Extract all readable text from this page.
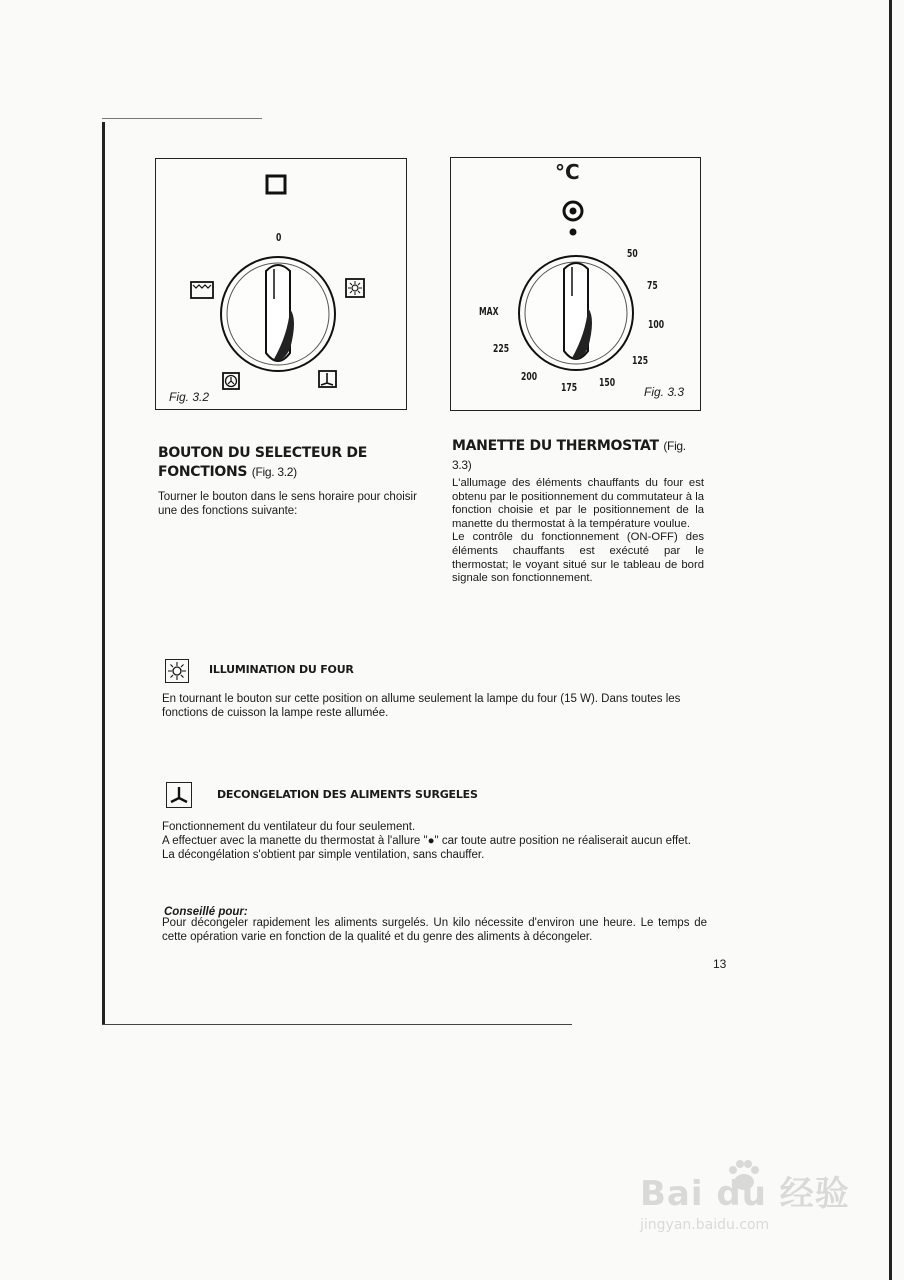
0
Fig. 3.2
°C
50
75
100
125
150
175
200
225
MAX
Fig. 3.3
BOUTON DU SELECTEUR DE
FONCTIONS (Fig. 3.2)

Tourner le bouton dans le sens horaire pour choisir une des fonctions suivante:

MANETTE DU THERMOSTAT (Fig. 3.3)

L'allumage des éléments chauffants du four est obtenu par le positionnement du commutateur à la fonction choisie et par le positionnement de la manette du thermostat à la température voulue.

Le contrôle du fonctionnement (ON-OFF) des éléments chauffants est exécuté par le thermostat; le voyant situé sur le tableau de bord signale son fonctionnement.

ILLUMINATION DU FOUR

En tournant le bouton sur cette position on allume seulement la lampe du four (15 W). Dans toutes les fonctions de cuisson la lampe reste allumée.

DECONGELATION DES ALIMENTS SURGELES
Fonctionnement du ventilateur du four seulement.
A effectuer avec la manette du thermostat à l'allure "●" car toute autre position ne réaliserait aucun effet.
La décongélation s'obtient par simple ventilation, sans chauffer.
Conseillé pour:

Pour décongeler rapidement les aliments surgelés. Un kilo nécessite d'environ une heure. Le temps de cette opération varie en fonction de la qualité et du genre des aliments à décongeler.

13
Bai du 经验
jingyan.baidu.com
